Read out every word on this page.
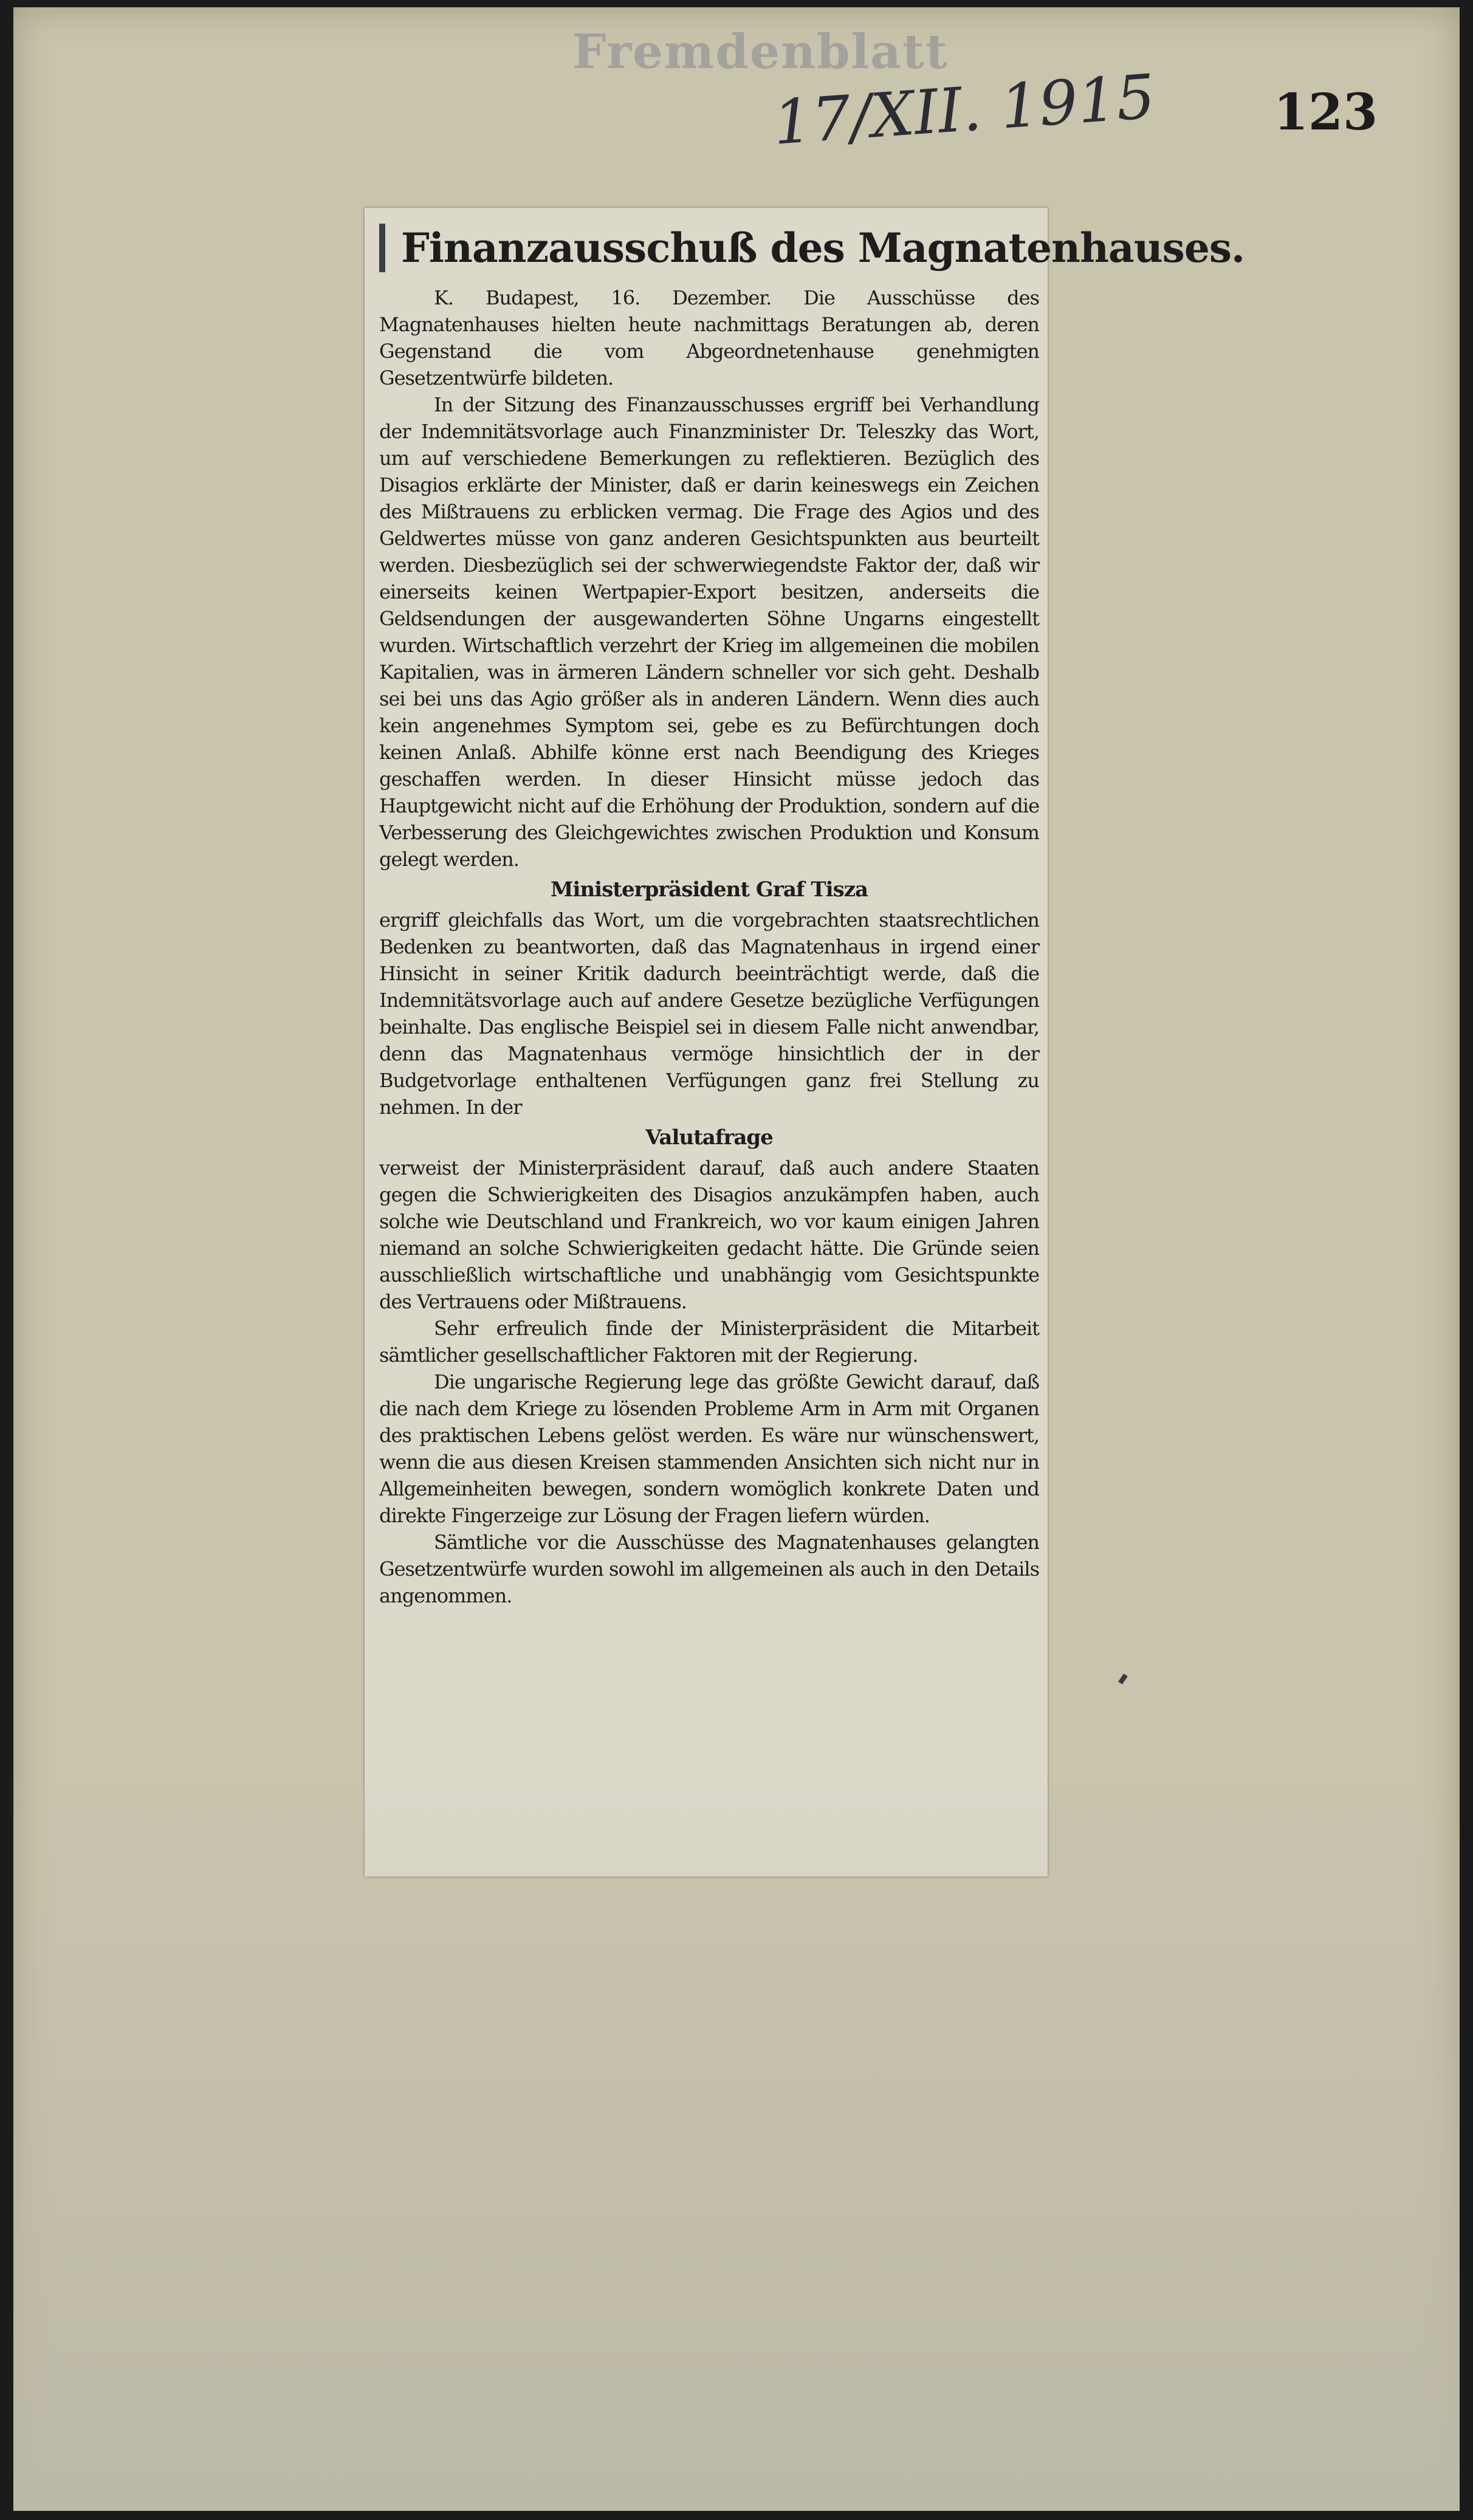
Fremdenblatt
17/XII. 1915 123
Finanzausschuß des Magnatenhauses.

K. Budapest, 16. Dezember. Die Ausschüsse des Magnatenhauses hielten heute nachmittags Beratungen ab, deren Gegenstand die vom Abgeordnetenhause genehmigten Gesetzentwürfe bildeten.

In der Sitzung des Finanzausschusses ergriff bei Verhandlung der Indemnitätsvorlage auch Finanzminister Dr. Teleszky das Wort, um auf verschiedene Bemerkungen zu reflektieren. Bezüglich des Disagios erklärte der Minister, daß er darin keineswegs ein Zeichen des Mißtrauens zu erblicken vermag. Die Frage des Agios und des Geldwertes müsse von ganz anderen Gesichtspunkten aus beurteilt werden. Diesbezüglich sei der schwerwiegendste Faktor der, daß wir einerseits keinen Wertpapier-Export besitzen, anderseits die Geldsendungen der ausgewanderten Söhne Ungarns eingestellt wurden. Wirtschaftlich verzehrt der Krieg im allgemeinen die mobilen Kapitalien, was in ärmeren Ländern schneller vor sich geht. Deshalb sei bei uns das Agio größer als in anderen Ländern. Wenn dies auch kein angenehmes Symptom sei, gebe es zu Befürchtungen doch keinen Anlaß. Abhilfe könne erst nach Beendigung des Krieges geschaffen werden. In dieser Hinsicht müsse jedoch das Hauptgewicht nicht auf die Erhöhung der Produktion, sondern auf die Verbesserung des Gleichgewichtes zwischen Produktion und Konsum gelegt werden.

Ministerpräsident Graf Tisza

ergriff gleichfalls das Wort, um die vorgebrachten staatsrechtlichen Bedenken zu beantworten, daß das Magnatenhaus in irgend einer Hinsicht in seiner Kritik dadurch beeinträchtigt werde, daß die Indemnitätsvorlage auch auf andere Gesetze bezügliche Verfügungen beinhalte. Das englische Beispiel sei in diesem Falle nicht anwendbar, denn das Magnatenhaus vermöge hinsichtlich der in der Budgetvorlage enthaltenen Verfügungen ganz frei Stellung zu nehmen. In der

Valutafrage

verweist der Ministerpräsident darauf, daß auch andere Staaten gegen die Schwierigkeiten des Disagios anzukämpfen haben, auch solche wie Deutschland und Frankreich, wo vor kaum einigen Jahren niemand an solche Schwierigkeiten gedacht hätte. Die Gründe seien ausschließlich wirtschaftliche und unabhängig vom Gesichtspunkte des Vertrauens oder Mißtrauens.

Sehr erfreulich finde der Ministerpräsident die Mitarbeit sämtlicher gesellschaftlicher Faktoren mit der Regierung.

Die ungarische Regierung lege das größte Gewicht darauf, daß die nach dem Kriege zu lösenden Probleme Arm in Arm mit Organen des praktischen Lebens gelöst werden. Es wäre nur wünschenswert, wenn die aus diesen Kreisen stammenden Ansichten sich nicht nur in Allgemeinheiten bewegen, sondern womöglich konkrete Daten und direkte Fingerzeige zur Lösung der Fragen liefern würden.

Sämtliche vor die Ausschüsse des Magnatenhauses gelangten Gesetzentwürfe wurden sowohl im allgemeinen als auch in den Details angenommen.
